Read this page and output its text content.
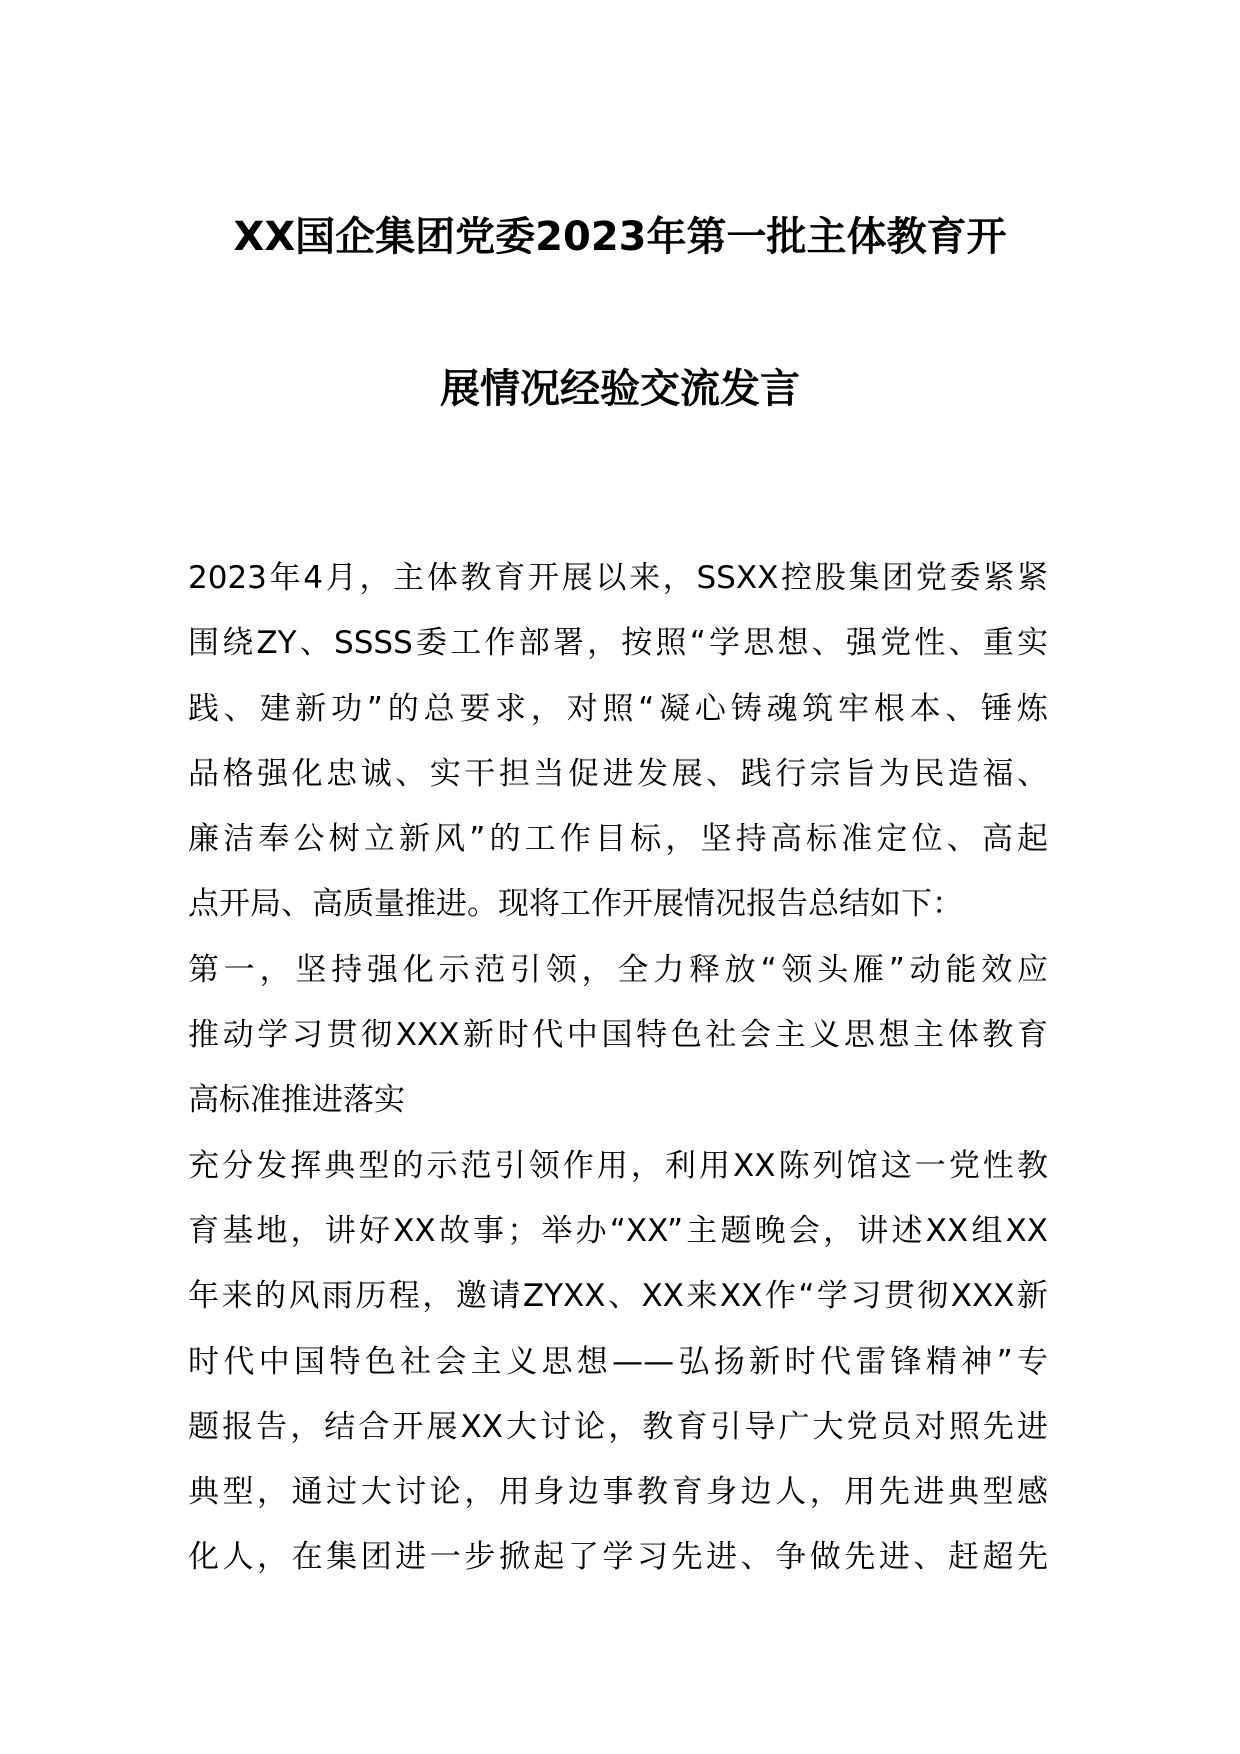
XX国企集团党委2023年第一批主体教育开
展情况经验交流发言
2023年4月，主体教育开展以来，SSXX控股集团党委紧紧
围绕ZY、SSSS委工作部署，按照“学思想、强党性、重实
践、建新功”的总要求，对照“凝心铸魂筑牢根本、锤炼
品格强化忠诚、实干担当促进发展、践行宗旨为民造福、
廉洁奉公树立新风”的工作目标，坚持高标准定位、高起
点开局、高质量推进。现将工作开展情况报告总结如下：
第一，坚持强化示范引领，全力释放“领头雁”动能效应
推动学习贯彻XXX新时代中国特色社会主义思想主体教育
高标准推进落实
充分发挥典型的示范引领作用，利用XX陈列馆这一党性教
育基地，讲好XX故事；举办“XX”主题晚会，讲述XX组XX
年来的风雨历程，邀请ZYXX、XX来XX作“学习贯彻XXX新
时代中国特色社会主义思想——弘扬新时代雷锋精神”专
题报告，结合开展XX大讨论，教育引导广大党员对照先进
典型，通过大讨论，用身边事教育身边人，用先进典型感
化人，在集团进一步掀起了学习先进、争做先进、赶超先
